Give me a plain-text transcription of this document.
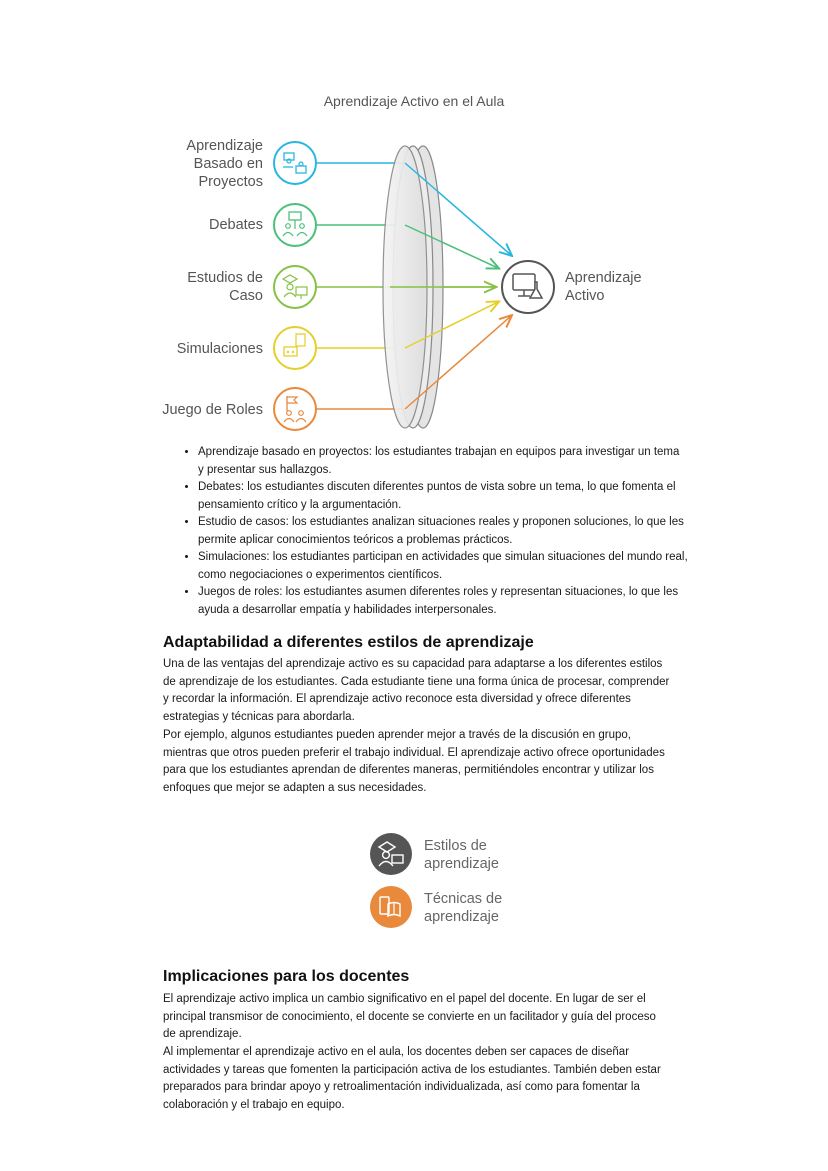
Aprendizaje Activo en el Aula
Aprendizaje
Basado en
Proyectos
Debates
Estudios de
Caso
Simulaciones
Juego de Roles
Aprendizaje
Activo
• Aprendizaje basado en proyectos: los estudiantes trabajan en equipos para investigar un tema y presentar sus hallazgos.
• Debates: los estudiantes discuten diferentes puntos de vista sobre un tema, lo que fomenta el pensamiento crítico y la argumentación.
• Estudio de casos: los estudiantes analizan situaciones reales y proponen soluciones, lo que les permite aplicar conocimientos teóricos a problemas prácticos.
• Simulaciones: los estudiantes participan en actividades que simulan situaciones del mundo real, como negociaciones o experimentos científicos.
• Juegos de roles: los estudiantes asumen diferentes roles y representan situaciones, lo que les ayuda a desarrollar empatía y habilidades interpersonales.
Adaptabilidad a diferentes estilos de aprendizaje
Una de las ventajas del aprendizaje activo es su capacidad para adaptarse a los diferentes estilos de aprendizaje de los estudiantes. Cada estudiante tiene una forma única de procesar, comprender y recordar la información. El aprendizaje activo reconoce esta diversidad y ofrece diferentes estrategias y técnicas para abordarla.
Por ejemplo, algunos estudiantes pueden aprender mejor a través de la discusión en grupo, mientras que otros pueden preferir el trabajo individual. El aprendizaje activo ofrece oportunidades para que los estudiantes aprendan de diferentes maneras, permitiéndoles encontrar y utilizar los enfoques que mejor se adapten a sus necesidades.
Estilos de
aprendizaje
Técnicas de
aprendizaje
Implicaciones para los docentes
El aprendizaje activo implica un cambio significativo en el papel del docente. En lugar de ser el principal transmisor de conocimiento, el docente se convierte en un facilitador y guía del proceso de aprendizaje.
Al implementar el aprendizaje activo en el aula, los docentes deben ser capaces de diseñar actividades y tareas que fomenten la participación activa de los estudiantes. También deben estar preparados para brindar apoyo y retroalimentación individualizada, así como para fomentar la colaboración y el trabajo en equipo.
